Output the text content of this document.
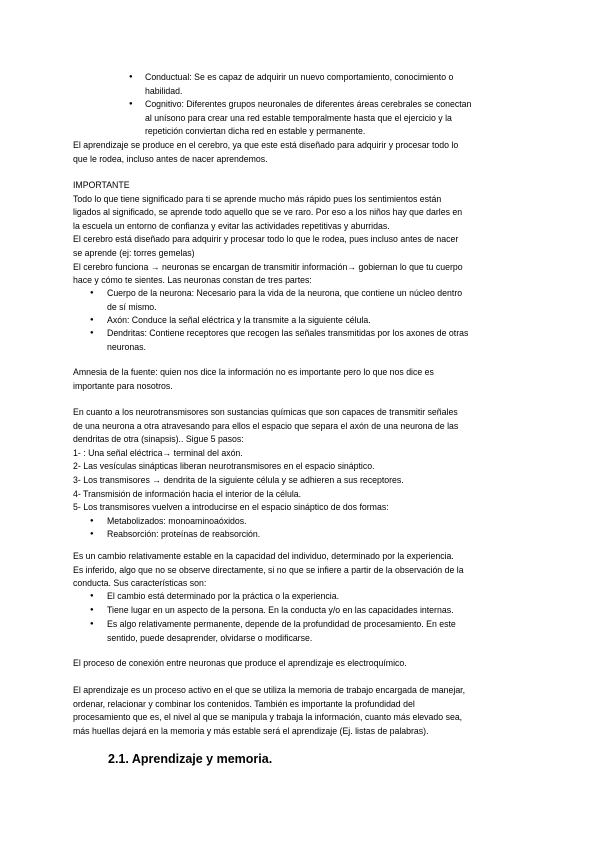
● Conductual: Se es capaz de adquirir un nuevo comportamiento, conocimiento o
habilidad.
● Cognitivo: Diferentes grupos neuronales de diferentes áreas cerebrales se conectan
al unísono para crear una red estable temporalmente hasta que el ejercicio y la
repetición conviertan dicha red en estable y permanente.
El aprendizaje se produce en el cerebro, ya que este está diseñado para adquirir y procesar todo lo
que le rodea, incluso antes de nacer aprendemos.
IMPORTANTE
Todo lo que tiene significado para ti se aprende mucho más rápido pues los sentimientos están
ligados al significado, se aprende todo aquello que se ve raro. Por eso a los niños hay que darles en
la escuela un entorno de confianza y evitar las actividades repetitivas y aburridas.
El cerebro está diseñado para adquirir y procesar todo lo que le rodea, pues incluso antes de nacer
se aprende (ej: torres gemelas)
El cerebro funciona → neuronas se encargan de transmitir información→ gobiernan lo que tu cuerpo
hace y cómo te sientes. Las neuronas constan de tres partes:
● Cuerpo de la neurona: Necesario para la vida de la neurona, que contiene un núcleo dentro
de sí mismo.
● Axón: Conduce la señal eléctrica y la transmite a la siguiente célula.
● Dendritas: Contiene receptores que recogen las señales transmitidas por los axones de otras
neuronas.
Amnesia de la fuente: quien nos dice la información no es importante pero lo que nos dice es
importante para nosotros.
En cuanto a los neurotransmisores son sustancias químicas que son capaces de transmitir señales
de una neurona a otra atravesando para ellos el espacio que separa el axón de una neurona de las
dendritas de otra (sinapsis).. Sigue 5 pasos:
1- : Una señal eléctrica→ terminal del axón.
2- Las vesículas sinápticas liberan neurotransmisores en el espacio sináptico.
3- Los transmisores → dendrita de la siguiente célula y se adhieren a sus receptores.
4- Transmisión de información hacia el interior de la célula.
5- Los transmisores vuelven a introducirse en el espacio sináptico de dos formas:
● Metabolizados: monoaminoaóxidos.
● Reabsorción: proteínas de reabsorción.
Es un cambio relativamente estable en la capacidad del individuo, determinado por la experiencia.
Es inferido, algo que no se observe directamente, si no que se infiere a partir de la observación de la
conducta. Sus características son:
● El cambio está determinado por la práctica o la experiencia.
● Tiene lugar en un aspecto de la persona. En la conducta y/o en las capacidades internas.
● Es algo relativamente permanente, depende de la profundidad de procesamiento. En este
sentido, puede desaprender, olvidarse o modificarse.
El proceso de conexión entre neuronas que produce el aprendizaje es electroquímico.
El aprendizaje es un proceso activo en el que se utiliza la memoria de trabajo encargada de manejar,
ordenar, relacionar y combinar los contenidos. También es importante la profundidad del
procesamiento que es, el nivel al que se manipula y trabaja la información, cuanto más elevado sea,
más huellas dejará en la memoria y más estable será el aprendizaje (Ej. listas de palabras).
2.1. Aprendizaje y memoria.
